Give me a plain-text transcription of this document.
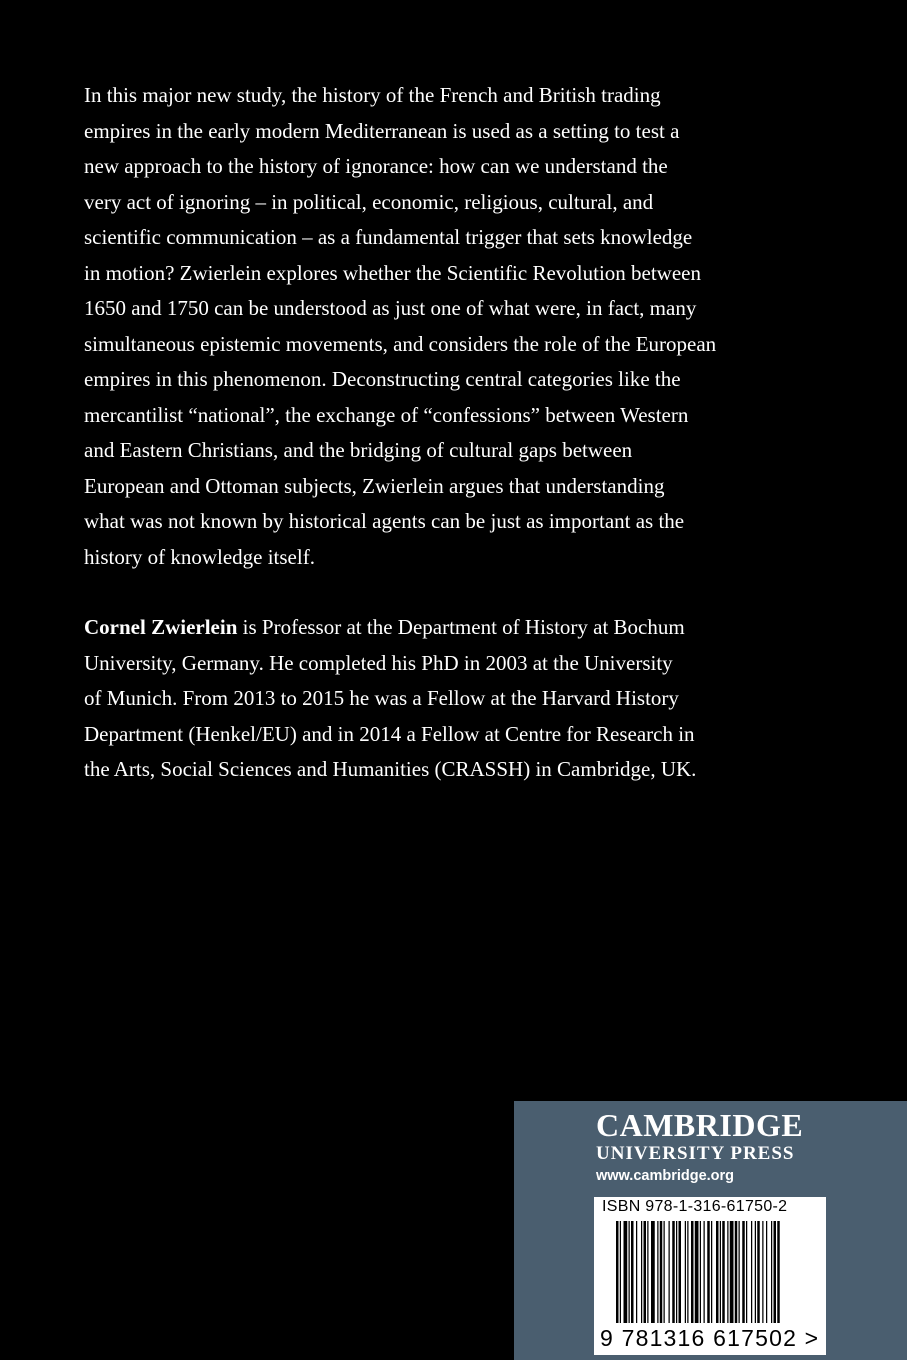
In this major new study, the history of the French and British trading

empires in the early modern Mediterranean is used as a setting to test a

new approach to the history of ignorance: how can we understand the

very act of ignoring – in political, economic, religious, cultural, and

scientific communication – as a fundamental trigger that sets knowledge

in motion? Zwierlein explores whether the Scientific Revolution between

1650 and 1750 can be understood as just one of what were, in fact, many

simultaneous epistemic movements, and considers the role of the European

empires in this phenomenon. Deconstructing central categories like the

mercantilist “national”, the exchange of “confessions” between Western

and Eastern Christians, and the bridging of cultural gaps between

European and Ottoman subjects, Zwierlein argues that understanding

what was not known by historical agents can be just as important as the

history of knowledge itself.

Cornel Zwierlein is Professor at the Department of History at Bochum

University, Germany. He completed his PhD in 2003 at the University

of Munich. From 2013 to 2015 he was a Fellow at the Harvard History

Department (Henkel/EU) and in 2014 a Fellow at Centre for Research in

the Arts, Social Sciences and Humanities (CRASSH) in Cambridge, UK.

CAMBRIDGE
UNIVERSITY PRESS
www.cambridge.org
ISBN 978-1-316-61750-2
9 781316 617502 >
